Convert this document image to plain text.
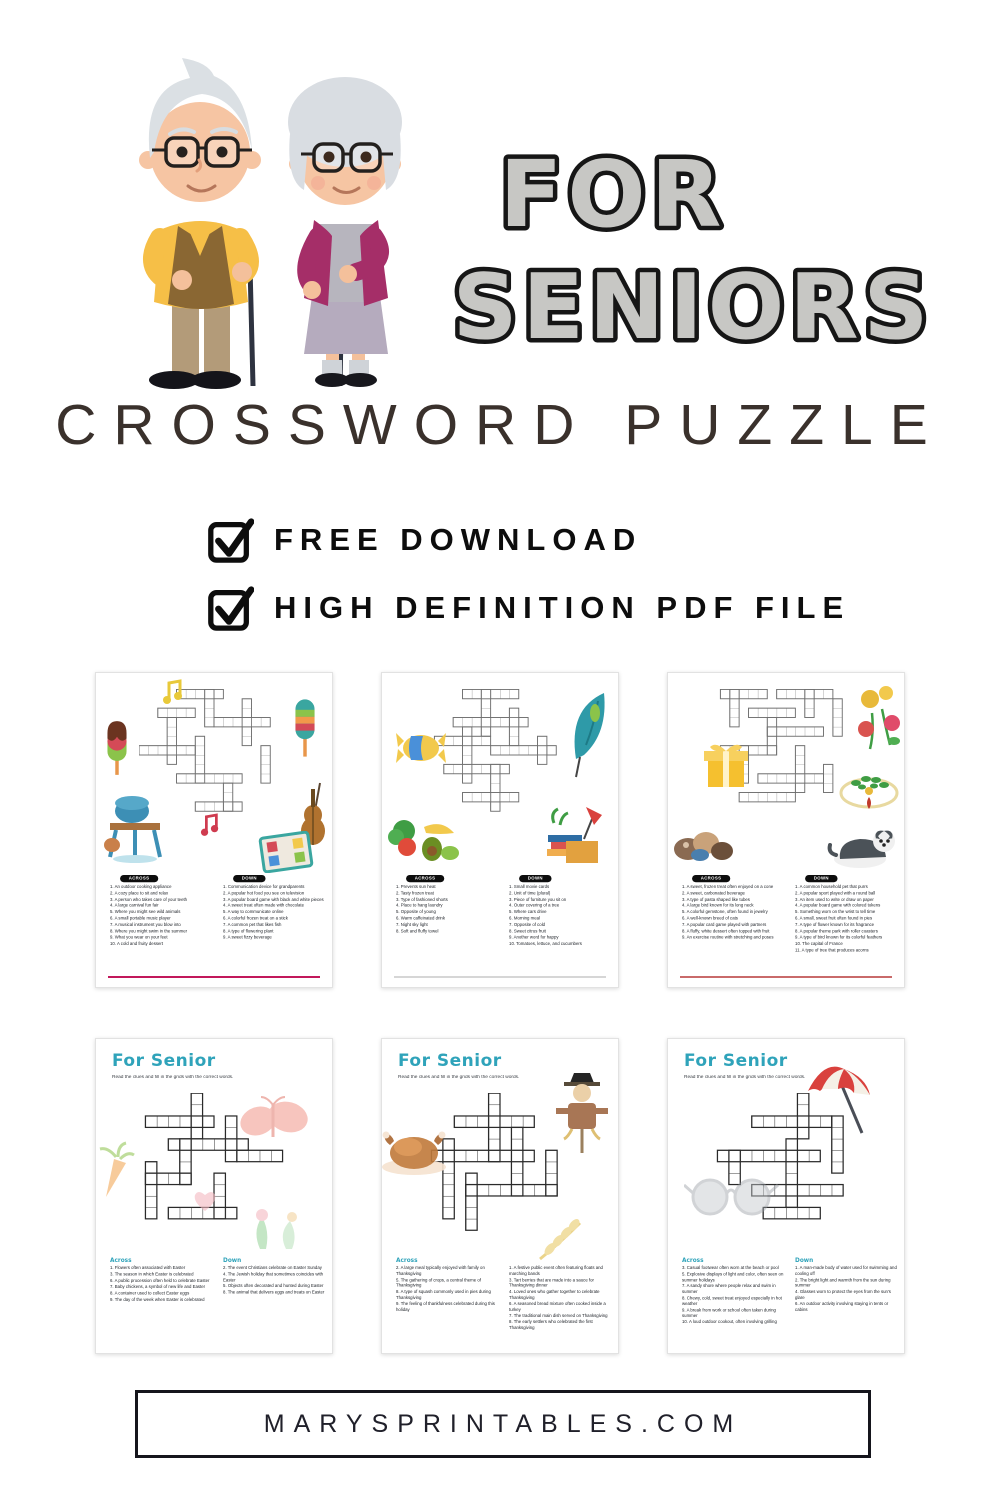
FOR
SENIORS
CROSSWORD PUZZLE
FREE DOWNLOAD
HIGH DEFINITION PDF FILE
ACROSS
1. An outdoor cooking appliance
2. A cozy place to sit and relax
3. A person who takes care of your teeth
4. A large carnival fun fair
5. Where you might see wild animals
6. A small portable music player
7. A musical instrument you blow into
8. Where you might swim in the summer
9. What you wear on your feet
10. A cold and fruity dessert
DOWN
1. Communication device for grandparents
2. A popular hot food you see on television
3. A popular board game with black and white pieces
4. A sweet treat often made with chocolate
5. A way to communicate online
6. A colorful frozen treat on a stick
7. A common pet that likes fish
8. A type of flowering plant
9. A sweet fizzy beverage
ACROSS
1. Prevents sun heat
2. Tasty frozen treat
3. Type of fashioned shorts
4. Place to hang laundry
5. Opposite of young
6. Warm caffeinated drink
7. Night sky light
8. Soft and fluffy towel
DOWN
1. Small movie cards
2. Unit of time (plural)
3. Piece of furniture you sit on
4. Outer covering of a tree
5. Where cars drive
6. Morning meal
7. Opposite of cold
8. Sweet citrus fruit
9. Another word for happy
10. Tomatoes, lettuce, and cucumbers
ACROSS
1. A sweet, frozen treat often enjoyed on a cone
2. A sweet, carbonated beverage
3. A type of pasta shaped like tubes
4. A large bird known for its long neck
5. A colorful gemstone, often found in jewelry
6. A well-known breed of cats
7. A popular card game played with partners
8. A fluffy, white dessert often topped with fruit
9. An exercise routine with stretching and poses
DOWN
1. A common household pet that purrs
2. A popular sport played with a round ball
3. An item used to write or draw on paper
4. A popular board game with colored tokens
5. Something worn on the wrist to tell time
6. A small, sweet fruit often found in pies
7. A type of flower known for its fragrance
8. A popular theme park with roller coasters
9. A type of bird known for its colorful feathers
10. The capital of France
11. A type of tree that produces acorns
For Senior
Read the clues and fill in the grids with the correct words.
Across
1. Flowers often associated with Easter
3. The season in which Easter is celebrated
6. A public procession often held to celebrate Easter
7. Baby chickens, a symbol of new life and Easter
8. A container used to collect Easter eggs
9. The day of the week when Easter is celebrated
Down
2. The event Christians celebrate on Easter Sunday
4. The Jewish holiday that sometimes coincides with Easter
5. Objects often decorated and hunted during Easter
8. The animal that delivers eggs and treats on Easter
For Senior
Read the clues and fill in the grids with the correct words.
Across
2. A large meal typically enjoyed with family on Thanksgiving
5. The gathering of crops, a central theme of Thanksgiving
8. A type of squash commonly used in pies during Thanksgiving
9. The feeling of thankfulness celebrated during this holiday
1. A festive public event often featuring floats and marching bands
3. Tart berries that are made into a sauce for Thanksgiving dinner
4. Loved ones who gather together to celebrate Thanksgiving
6. A seasoned bread mixture often cooked inside a turkey
7. The traditional main dish served on Thanksgiving
8. The early settlers who celebrated the first Thanksgiving
For Senior
Read the clues and fill in the grids with the correct words.
Across
3. Casual footwear often worn at the beach or pool
5. Explosive displays of light and color, often seen on summer holidays
7. A sandy shore where people relax and swim in summer
8. Chewy, cold, sweet treat enjoyed especially in hot weather
9. A break from work or school often taken during summer
10. A loud outdoor cookout, often involving grilling
Down
1. A man-made body of water used for swimming and cooling off
2. The bright light and warmth from the sun during summer
4. Glasses worn to protect the eyes from the sun's glare
6. An outdoor activity involving staying in tents or cabins
MARYSPRINTABLES.COM
